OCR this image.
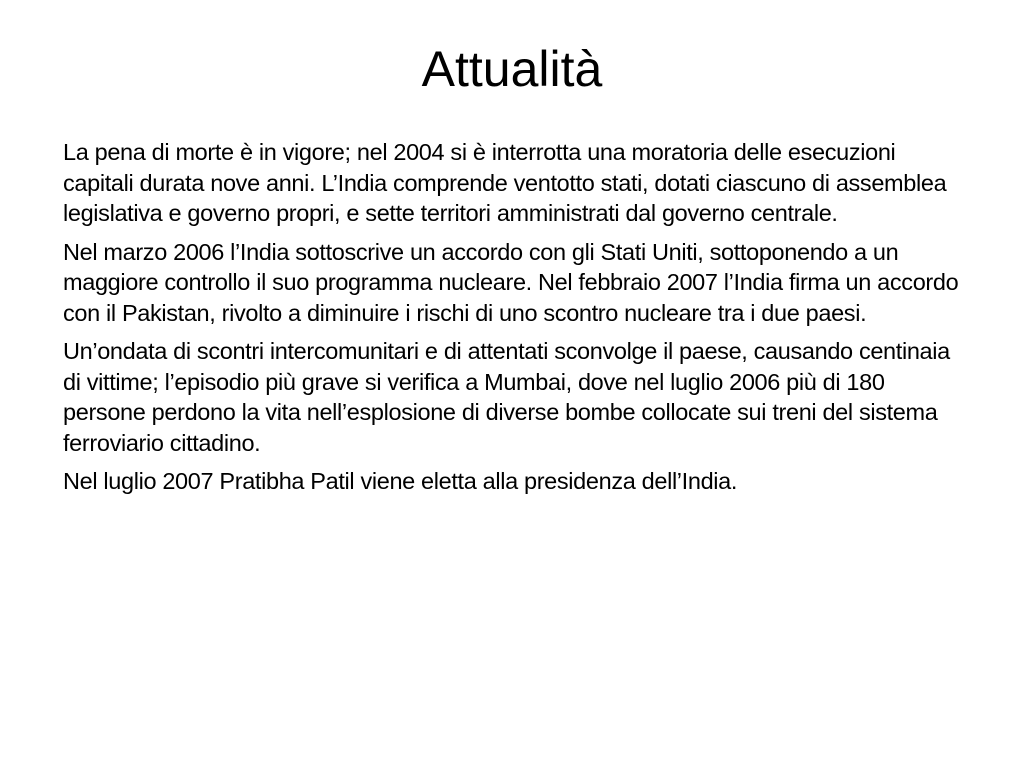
Attualità

La pena di morte è in vigore; nel 2004 si è interrotta una moratoria delle esecuzioni capitali durata nove anni. L’India comprende ventotto stati, dotati ciascuno di assemblea legislativa e governo propri, e sette territori amministrati dal governo centrale.

Nel marzo 2006 l’India sottoscrive un accordo con gli Stati Uniti, sottoponendo a un maggiore controllo il suo programma nucleare. Nel febbraio 2007 l’India firma un accordo con il Pakistan, rivolto a diminuire i rischi di uno scontro nucleare tra i due paesi.

Un’ondata di scontri intercomunitari e di attentati sconvolge il paese, causando centinaia di vittime; l’episodio più grave si verifica a Mumbai, dove nel luglio 2006 più di 180 persone perdono la vita nell’esplosione di diverse bombe collocate sui treni del sistema ferroviario cittadino.

Nel luglio 2007 Pratibha Patil viene eletta alla presidenza dell’India.
